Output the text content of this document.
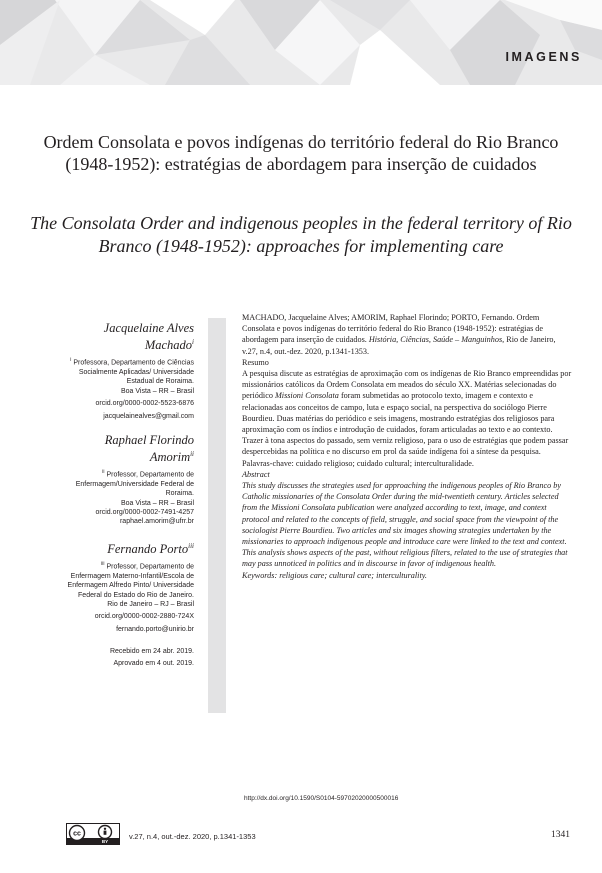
IMAGENS
Ordem Consolata e povos indígenas do território federal do Rio Branco (1948-1952): estratégias de abordagem para inserção de cuidados
The Consolata Order and indigenous peoples in the federal territory of Rio Branco (1948-1952): approaches for implementing care
Jacquelaine Alves
Machado$^i$
$^i$ Professora, Departamento de Ciências Socialmente Aplicadas/ Universidade Estadual de Roraima.
Boa Vista – RR – Brasil
orcid.org/0000-0002-5523-6876
jacquelainealves@gmail.com
Raphael Florindo
Amorim$^{ii}$
$^{ii}$ Professor, Departamento de Enfermagem/Universidade Federal de Roraima.
Boa Vista – RR – Brasil
orcid.org/0000-0002-7491-4257
raphael.amorim@ufrr.br
Fernando Porto$^{iii}$
$^{iii}$ Professor, Departamento de Enfermagem Materno-Infantil/Escola de Enfermagem Alfredo Pinto/ Universidade Federal do Estado do Rio de Janeiro.
Rio de Janeiro – RJ – Brasil
orcid.org/0000-0002-2880-724X
fernando.porto@unirio.br
Recebido em 24 abr. 2019.
Aprovado em 4 out. 2019.

MACHADO, Jacquelaine Alves; AMORIM, Raphael Florindo; PORTO, Fernando. Ordem Consolata e povos indígenas do território federal do Rio Branco (1948-1952): estratégias de abordagem para inserção de cuidados. História, Ciências, Saúde – Manguinhos, Rio de Janeiro, v.27, n.4, out.-dez. 2020, p.1341-1353.

Resumo

A pesquisa discute as estratégias de aproximação com os indígenas de Rio Branco empreendidas por missionários católicos da Ordem Consolata em meados do século XX. Matérias selecionadas do periódico Missioni Consolata foram submetidas ao protocolo texto, imagem e contexto e relacionadas aos conceitos de campo, luta e espaço social, na perspectiva do sociólogo Pierre Bourdieu. Duas matérias do periódico e seis imagens, mostrando estratégias dos religiosos para aproximação com os índios e introdução de cuidados, foram articuladas ao texto e ao contexto. Trazer à tona aspectos do passado, sem verniz religioso, para o uso de estratégias que podem passar despercebidas na política e no discurso em prol da saúde indígena foi a síntese da pesquisa.

Palavras-chave: cuidado religioso; cuidado cultural; interculturalidade.

Abstract

This study discusses the strategies used for approaching the indigenous peoples of Rio Branco by Catholic missionaries of the Consolata Order during the mid-twentieth century. Articles selected from the Missioni Consolata publication were analyzed according to text, image, and context protocol and related to the concepts of field, struggle, and social space from the viewpoint of the sociologist Pierre Bourdieu. Two articles and six images showing strategies undertaken by the missionaries to approach indigenous people and introduce care were linked to the text and context. This analysis shows aspects of the past, without religious filters, related to the use of strategies that may pass unnoticed in politics and in discourse in favor of indigenous health.

Keywords: religious care; cultural care; interculturality.

http://dx.doi.org/10.1590/S0104-59702020000500016
cc
BY
v.27, n.4, out.-dez. 2020, p.1341-1353	1341
